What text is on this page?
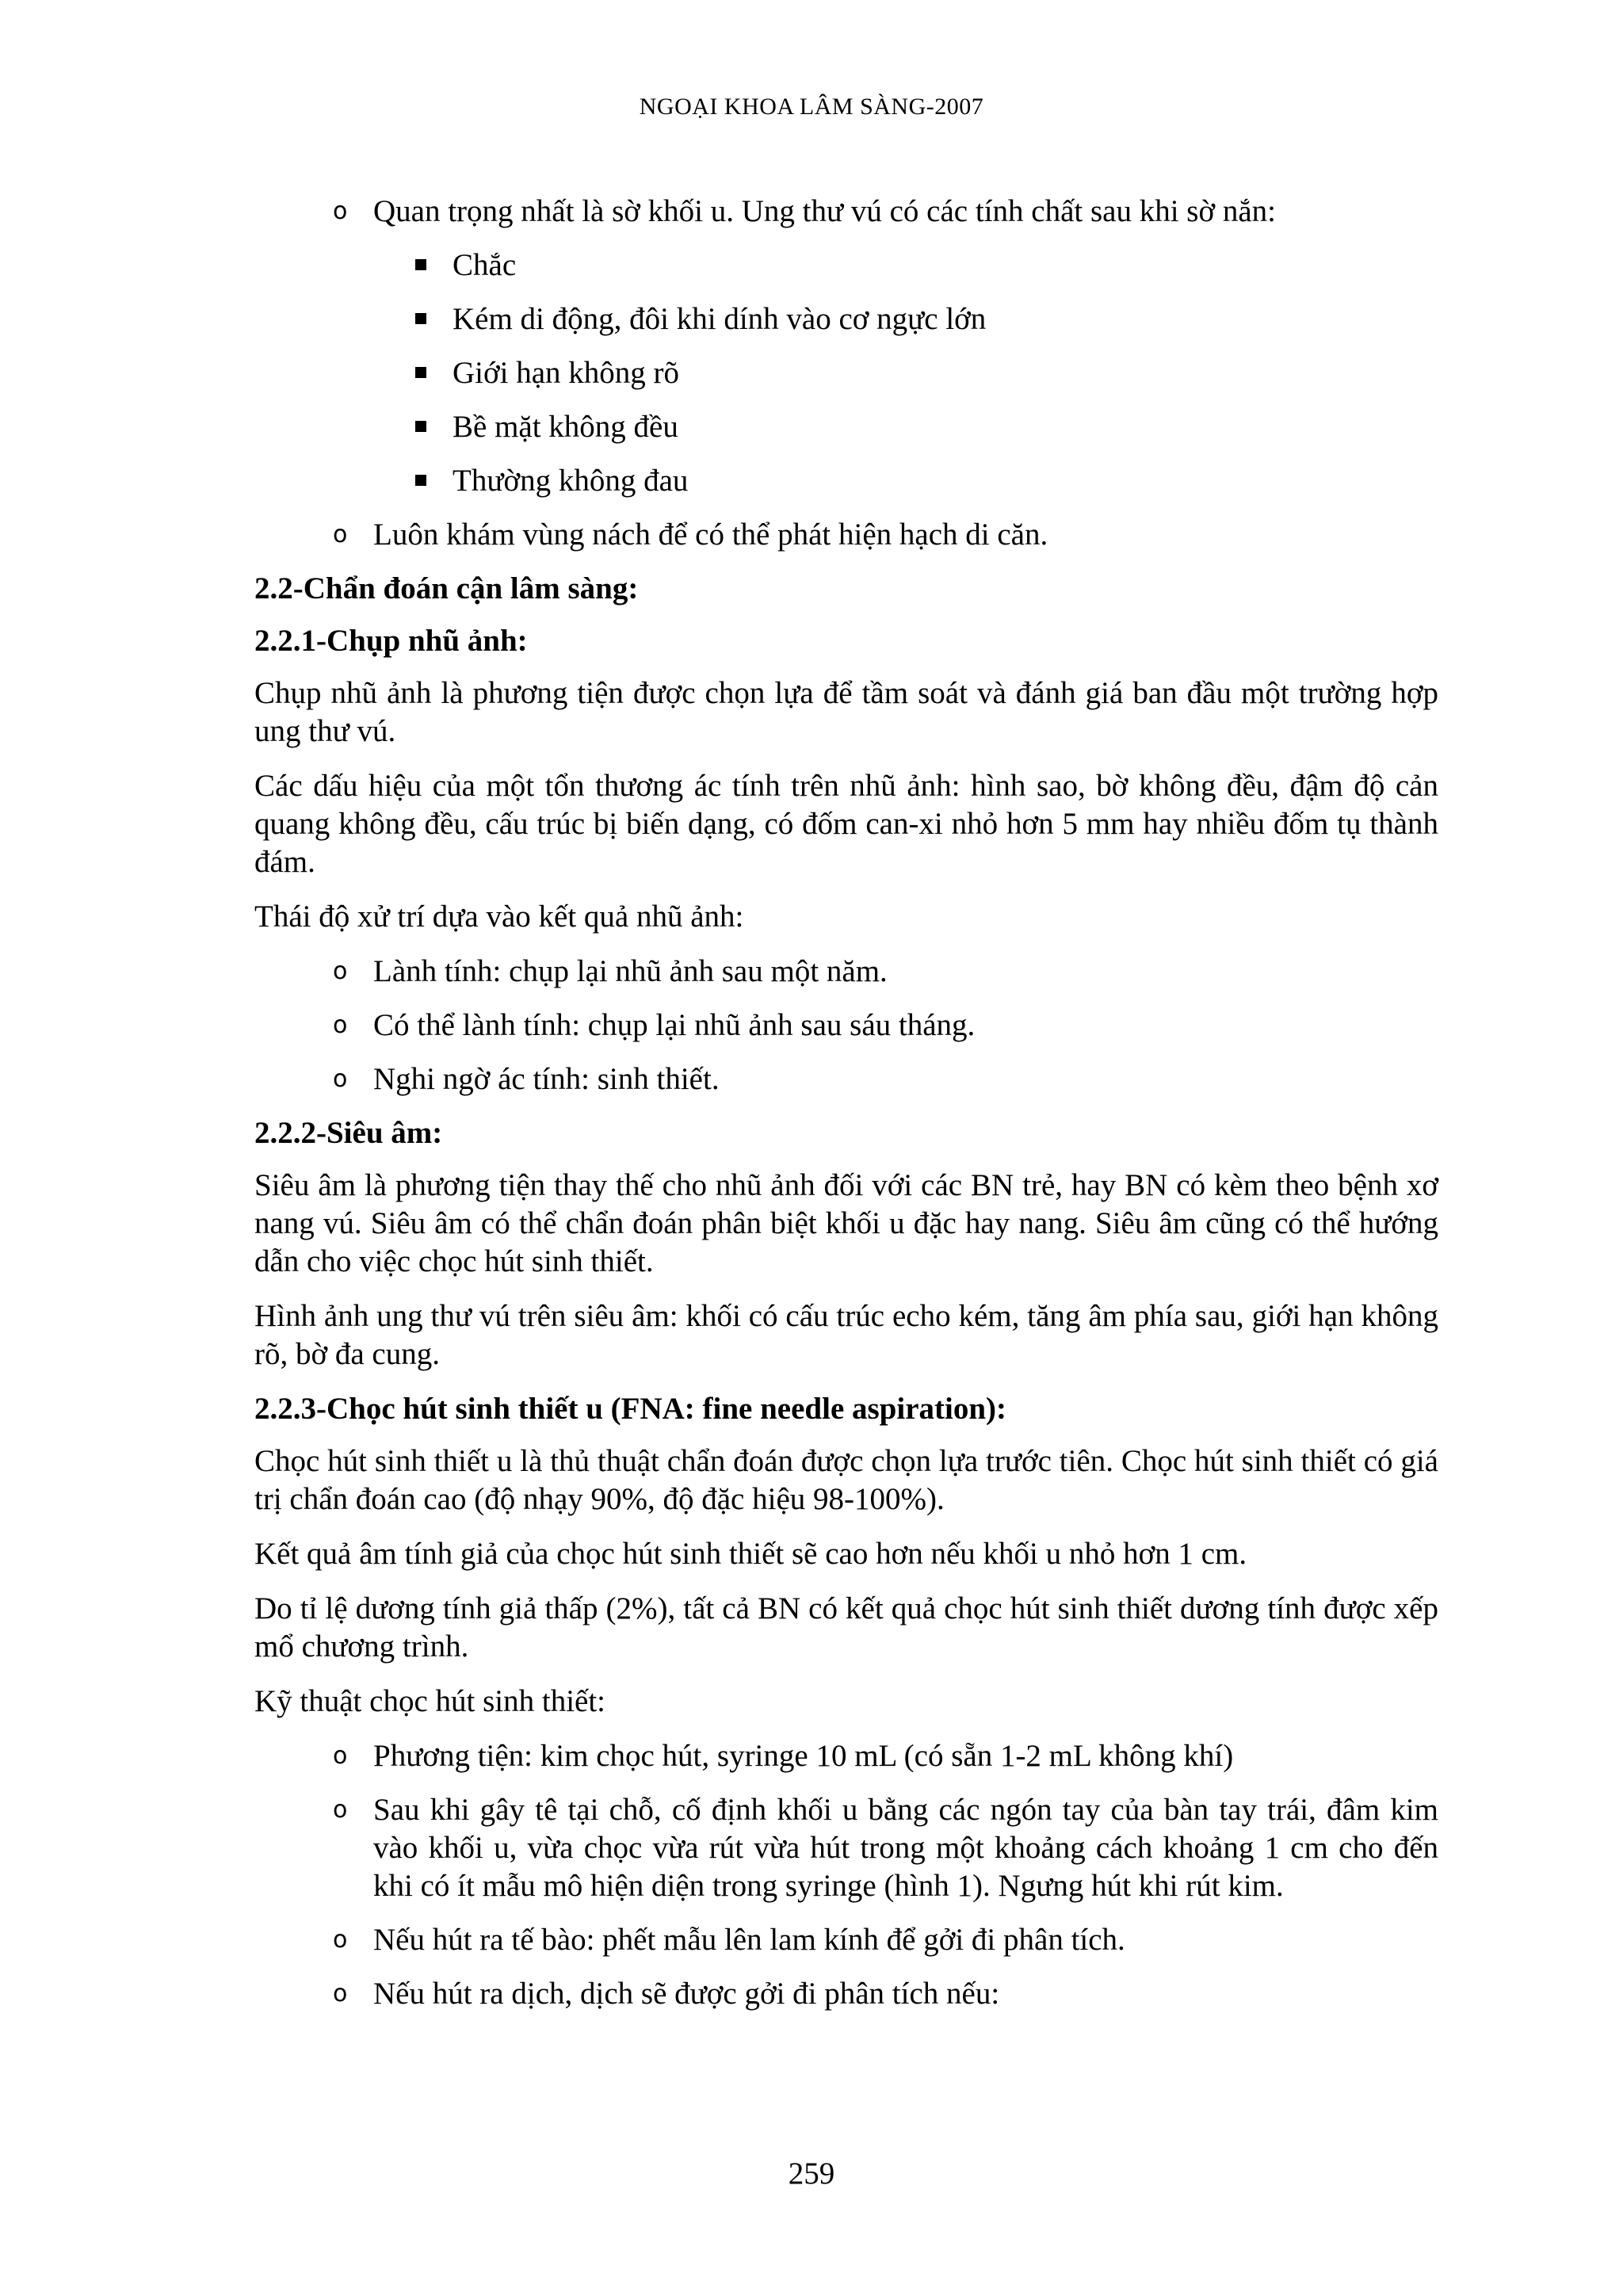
NGOẠI KHOA LÂM SÀNG-2007
o Quan trọng nhất là sờ khối u. Ung thư vú có các tính chất sau khi sờ nắn:
Chắc
Kém di động, đôi khi dính vào cơ ngực lớn
Giới hạn không rõ
Bề mặt không đều
Thường không đau
o Luôn khám vùng nách để có thể phát hiện hạch di căn.
2.2-Chẩn đoán cận lâm sàng:
2.2.1-Chụp nhũ ảnh:
Chụp nhũ ảnh là phương tiện được chọn lựa để tầm soát và đánh giá ban đầu một trường hợp ung thư vú.
Các dấu hiệu của một tổn thương ác tính trên nhũ ảnh: hình sao, bờ không đều, đậm độ cản quang không đều, cấu trúc bị biến dạng, có đốm can-xi nhỏ hơn 5 mm hay nhiều đốm tụ thành đám.
Thái độ xử trí dựa vào kết quả nhũ ảnh:
o Lành tính: chụp lại nhũ ảnh sau một năm.
o Có thể lành tính: chụp lại nhũ ảnh sau sáu tháng.
o Nghi ngờ ác tính: sinh thiết.
2.2.2-Siêu âm:
Siêu âm là phương tiện thay thế cho nhũ ảnh đối với các BN trẻ, hay BN có kèm theo bệnh xơ nang vú. Siêu âm có thể chẩn đoán phân biệt khối u đặc hay nang. Siêu âm cũng có thể hướng dẫn cho việc chọc hút sinh thiết.
Hình ảnh ung thư vú trên siêu âm: khối có cấu trúc echo kém, tăng âm phía sau, giới hạn không rõ, bờ đa cung.
2.2.3-Chọc hút sinh thiết u (FNA: fine needle aspiration):
Chọc hút sinh thiết u là thủ thuật chẩn đoán được chọn lựa trước tiên. Chọc hút sinh thiết có giá trị chẩn đoán cao (độ nhạy 90%, độ đặc hiệu 98-100%).
Kết quả âm tính giả của chọc hút sinh thiết sẽ cao hơn nếu khối u nhỏ hơn 1 cm.
Do tỉ lệ dương tính giả thấp (2%), tất cả BN có kết quả chọc hút sinh thiết dương tính được xếp mổ chương trình.
Kỹ thuật chọc hút sinh thiết:
o Phương tiện: kim chọc hút, syringe 10 mL (có sẵn 1-2 mL không khí)
o Sau khi gây tê tại chỗ, cố định khối u bằng các ngón tay của bàn tay trái, đâm kim vào khối u, vừa chọc vừa rút vừa hút trong một khoảng cách khoảng 1 cm cho đến khi có ít mẫu mô hiện diện trong syringe (hình 1). Ngưng hút khi rút kim.
o Nếu hút ra tế bào: phết mẫu lên lam kính để gởi đi phân tích.
o Nếu hút ra dịch, dịch sẽ được gởi đi phân tích nếu:
259
